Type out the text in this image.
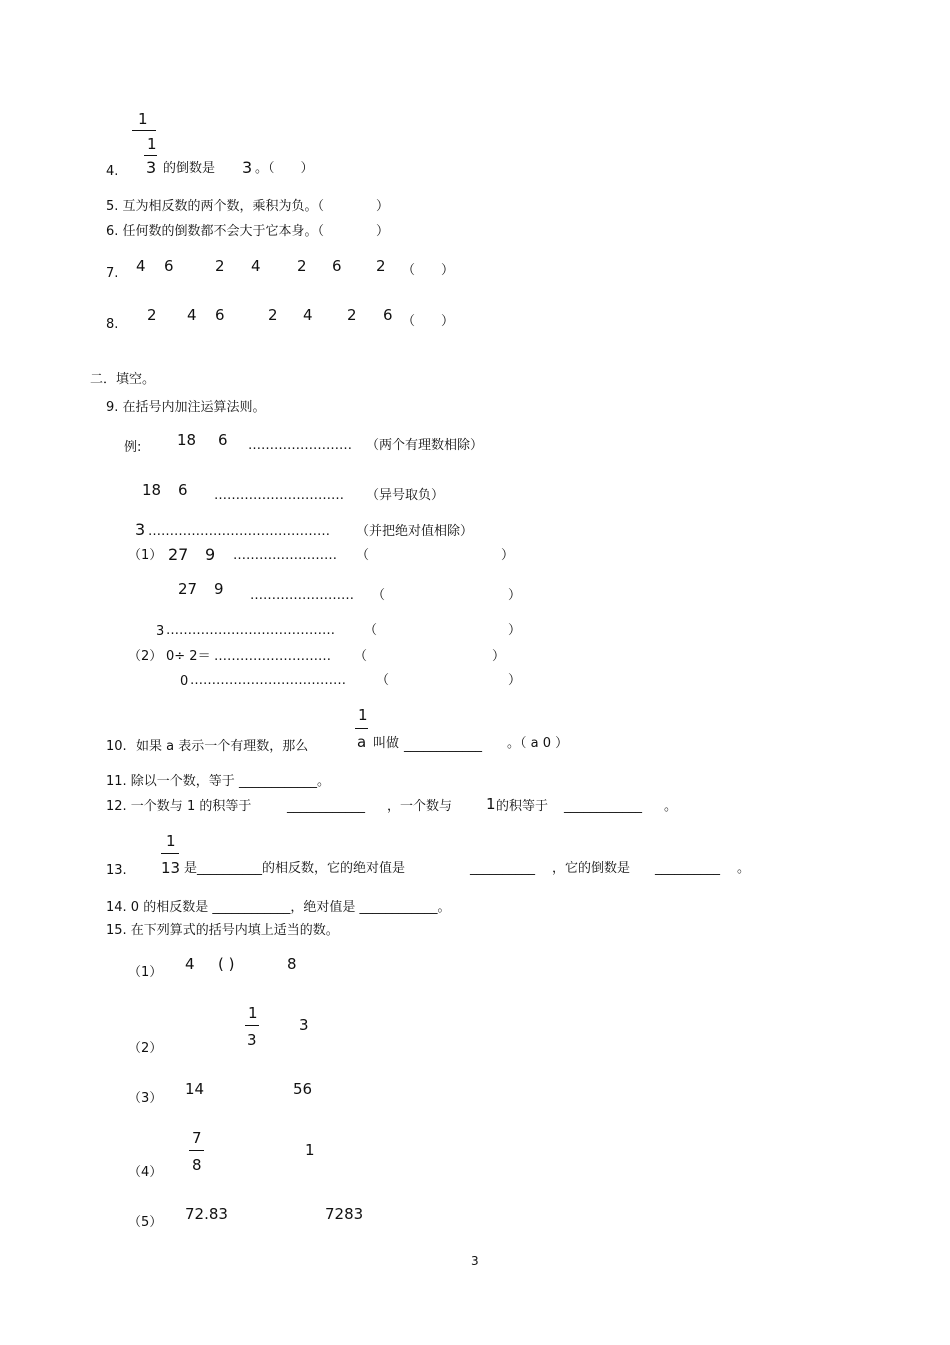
1
1
3
4.	的倒数是 3 。（　　）
5. 互为相反数的两个数，乘积为负。（　　　　）
6. 任何数的倒数都不会大于它本身。（　　　　）
7. 4 6	2 4 2 6 2 （　　）
8.
2 4 6	2 4 2 6 （　　）
二．填空。
9. 在括号内加注运算法则。
例: 18 6 …………………… （两个有理数相除）
18 6 ………………………… （异号取负）
3 …………………………………… （并把绝对值相除）
（1） 27 9 …………………… （	）
27 9 …………………… （	）
3 ………………………………… （	）
（2） 0÷ 2＝ ……………………… （	）
0 ……………………………… （	）
1
a
10. 如果 a 表示一个有理数，那么	叫做 ____________ 。（ a 0 ）
11. 除以一个数，等于 ____________。
12. 一个数与 1 的积等于	____________ ，一个数与 1 的积等于 ____________ 。
1
13
13.	是__________的相反数，它的绝对值是	__________ ，它的倒数是 __________ 。
14. 0 的相反数是 ____________，绝对值是 ____________。
15. 在下列算式的括号内填上适当的数。
（1） 4 ( )	8
（2）
1
3
3
（3）
14	56
（4）
7
8
1
（5） 72.83	7283
3
